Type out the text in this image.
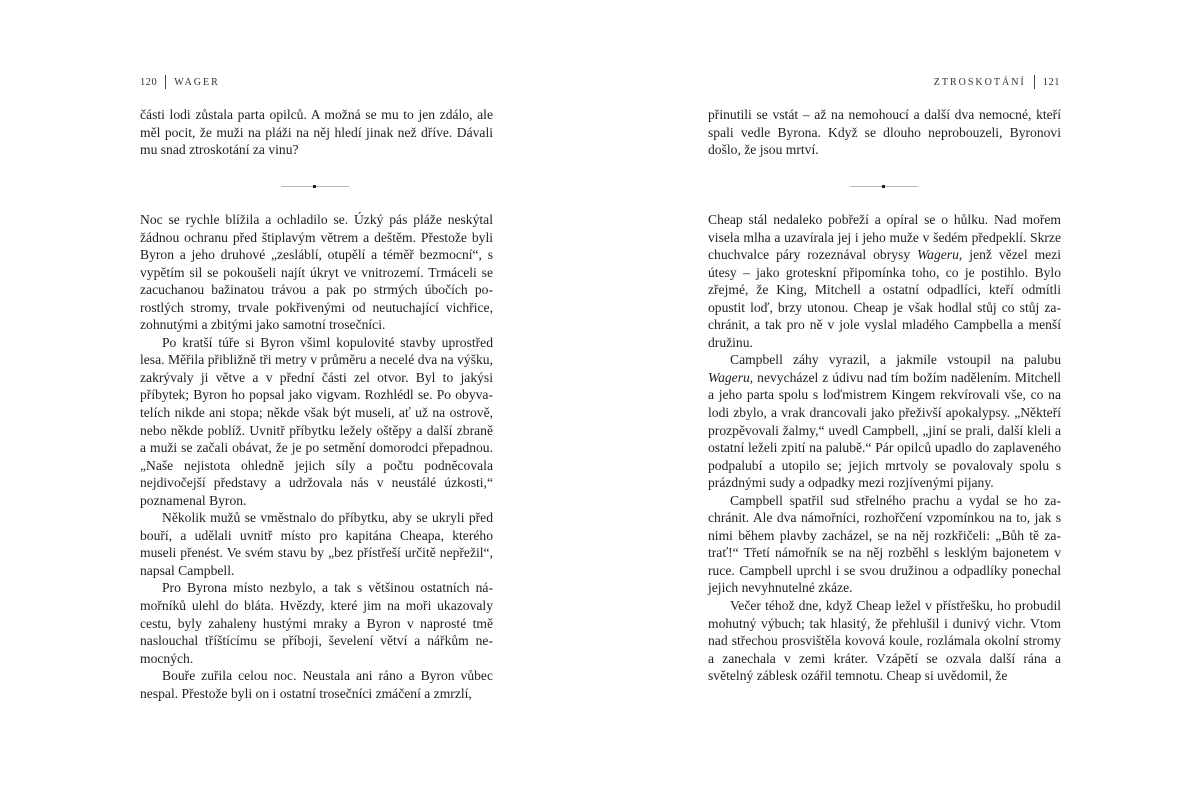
120 WAGER

části lodi zůstala parta opilců. A možná se mu to jen zdálo, ale měl pocit, že muži na pláži na něj hledí jinak než dříve. Dávali mu snad ztroskotání za vinu?

Noc se rychle blížila a ochladilo se. Úzký pás pláže neskýtal žádnou ochranu před štiplavým větrem a deštěm. Přestože byli Byron a jeho druhové „zesláblí, otupělí a téměř bezmocní“, s vypětím sil se pokoušeli najít úkryt ve vnitrozemí. Trmáceli se zacuchanou bažinatou trávou a pak po strmých úbočích porostlých stromy, trvale pokřivenými od neutuchající vichřice, zohnutými a zbitými jako samotní trosečníci.

Po kratší túře si Byron všiml kopulovité stavby uprostřed lesa. Měřila přibližně tři metry v průměru a necelé dva na výšku, zakrývaly ji větve a v přední části zel otvor. Byl to jakýsi příbytek; Byron ho popsal jako vigvam. Rozhlédl se. Po obyvatelích nikde ani stopa; někde však být museli, ať už na ostrově, nebo někde poblíž. Uvnitř příbytku ležely oštěpy a další zbraně a muži se začali obávat, že je po setmění domorodci přepadnou. „Naše nejistota ohledně jejich síly a počtu podněcovala nejdivočejší představy a udržovala nás v neustálé úzkosti,“ poznamenal Byron.

Několik mužů se vměstnalo do příbytku, aby se ukryli před bouří, a udělali uvnitř místo pro kapitána Cheapa, kterého museli přenést. Ve svém stavu by „bez přístřeší určitě nepřežil“, napsal Campbell.

Pro Byrona místo nezbylo, a tak s většinou ostatních námořníků ulehl do bláta. Hvězdy, které jim na moři ukazovaly cestu, byly zahaleny hustými mraky a Byron v naprosté tmě naslouchal tříštícímu se příboji, ševelení větví a nářkům nemocných.

Bouře zuřila celou noc. Neustala ani ráno a Byron vůbec nespal. Přestože byli on i ostatní trosečníci zmáčení a zmrzlí,

ZTROSKOTÁNÍ 121

přinutili se vstát – až na nemohoucí a další dva nemocné, kteří spali vedle Byrona. Když se dlouho neprobouzeli, Byronovi došlo, že jsou mrtví.

Cheap stál nedaleko pobřeží a opíral se o hůlku. Nad mořem visela mlha a uzavírala jej i jeho muže v šedém předpeklí. Skrze chuchvalce páry rozeznával obrysy Wageru, jenž vězel mezi útesy – jako groteskní připomínka toho, co je postihlo. Bylo zřejmé, že King, Mitchell a ostatní odpadlíci, kteří odmítli opustit loď, brzy utonou. Cheap je však hodlal stůj co stůj zachránit, a tak pro ně v jole vyslal mladého Campbella a menší družinu.

Campbell záhy vyrazil, a jakmile vstoupil na palubu Wageru, nevycházel z údivu nad tím božím nadělením. Mitchell a jeho parta spolu s loďmistrem Kingem rekvírovali vše, co na lodi zbylo, a vrak drancovali jako přeživší apokalypsy. „Někteří prozpěvovali žalmy,“ uvedl Campbell, „jiní se prali, další kleli a ostatní leželi zpití na palubě.“ Pár opilců upadlo do zaplaveného podpalubí a utopilo se; jejich mrtvoly se povalovaly spolu s prázdnými sudy a odpadky mezi rozjívenými pijany.

Campbell spatřil sud střelného prachu a vydal se ho zachránit. Ale dva námořníci, rozhořčení vzpomínkou na to, jak s nimi během plavby zacházel, se na něj rozkřičeli: „Bůh tě zatrať!“ Třetí námořník se na něj rozběhl s lesklým bajonetem v ruce. Campbell uprchl i se svou družinou a odpadlíky ponechal jejich nevyhnutelné zkáze.

Večer téhož dne, když Cheap ležel v přístřešku, ho probudil mohutný výbuch; tak hlasitý, že přehlušil i dunivý vichr. Vtom nad střechou prosvištěla kovová koule, rozlámala okolní stromy a zanechala v zemi kráter. Vzápětí se ozvala další rána a světelný záblesk ozářil temnotu. Cheap si uvědomil, že
